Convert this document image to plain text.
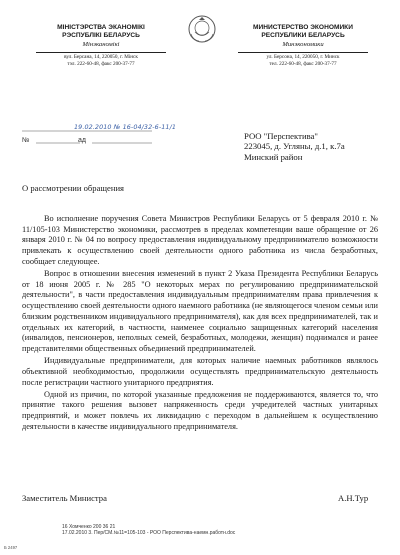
МІНІСТЭРСТВА ЭКАНОМІКІ
РЭСПУБЛІКІ БЕЛАРУСЬ
Мінэканомікі
вул. Берсана, 14, 220050, г. Мінск
тэл. 222-60-48, факс 200-37-77
МИНИСТЕРСТВО ЭКОНОМИКИ
РЕСПУБЛИКИ БЕЛАРУСЬ
Минэкономики
ул. Берсона, 14, 220050, г. Минск
тел. 222-60-48, факс 200-37-77
19.02.2010 № 16-04/32-6-11/1
№	ад	РОО "Перспектива"
223045, д. Угляны, д.1, к.7а
Минский район
О рассмотрении обращения

Во исполнение поручения Совета Министров Республики Беларусь от 5 февраля 2010 г. № 11/105-103 Министерство экономики, рассмотрев в пределах компетенции ваше обращение от 26 января 2010 г. № 04 по вопросу предоставления индивидуальному предпринимателю возможности привлекать к осуществлению своей деятельности одного работника из числа безработных, сообщает следующее.

Вопрос в отношении внесения изменений в пункт 2 Указа Президента Республики Беларусь от 18 июня 2005 г. № 285 "О некоторых мерах по регулированию предпринимательской деятельности", в части предоставления индивидуальным предпринимателям права привлечения к осуществлению своей деятельности одного наемного работника (не являющегося членом семьи или близким родственником индивидуального предпринимателя), как для всех предпринимателей, так и отдельных их категорий, в частности, наименее социально защищенных категорий населения (инвалидов, пенсионеров, неполных семей, безработных, молодежи, женщин) поднимался и ранее представителями общественных объединений предпринимателей.

Индивидуальные предприниматели, для которых наличие наемных работников являлось объективной необходимостью, продолжили осуществлять предпринимательскую деятельность после регистрации частного унитарного предприятия.

Одной из причин, по которой указанные предложения не поддерживаются, является то, что принятие такого решения вызовет напряженность среди учредителей частных унитарных предприятий, и может повлечь их ликвидацию с переходом в дальнейшем к осуществлению деятельности в качестве индивидуального предпринимателя.

Заместитель Министра	А.Н.Тур
16 Хомченко 200 36 21
17.02.2010 3. Пер/СМ.№11=105-103 - РОО Перспектива-наемн.работн.doc
Б 2497
